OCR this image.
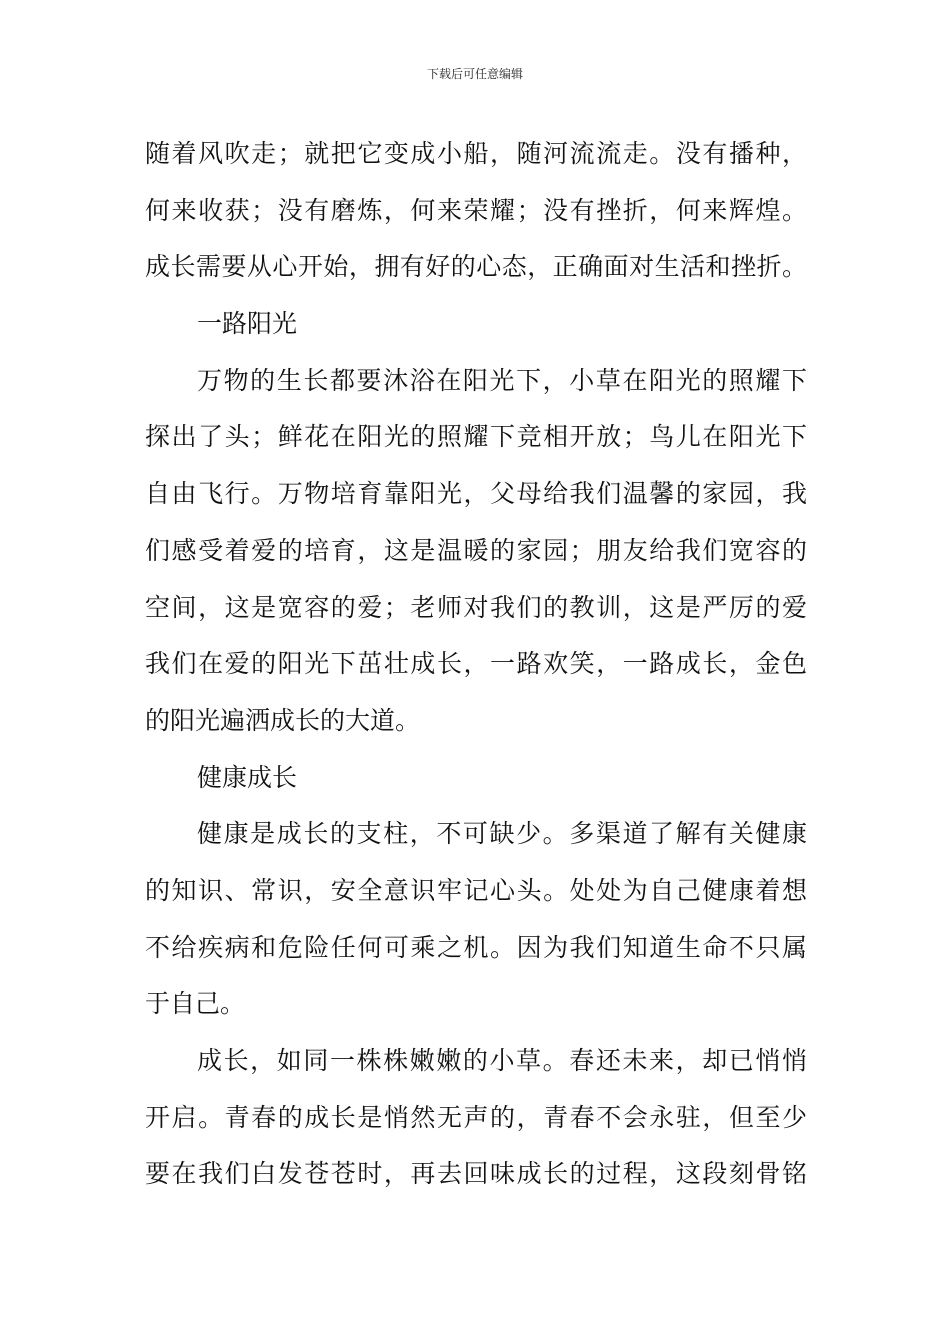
下载后可任意编辑
随着风吹走；就把它变成小船，随河流流走。没有播种，
何来收获；没有磨炼，何来荣耀；没有挫折，何来辉煌。
成长需要从心开始，拥有好的心态，正确面对生活和挫折。
一路阳光
万物的生长都要沐浴在阳光下，小草在阳光的照耀下
探出了头；鲜花在阳光的照耀下竞相开放；鸟儿在阳光下
自由飞行。万物培育靠阳光，父母给我们温馨的家园，我
们感受着爱的培育，这是温暖的家园；朋友给我们宽容的
空间，这是宽容的爱；老师对我们的教训，这是严厉的爱
我们在爱的阳光下茁壮成长，一路欢笑，一路成长，金色
的阳光遍洒成长的大道。
健康成长
健康是成长的支柱，不可缺少。多渠道了解有关健康
的知识、常识，安全意识牢记心头。处处为自己健康着想
不给疾病和危险任何可乘之机。因为我们知道生命不只属
于自己。
成长，如同一株株嫩嫩的小草。春还未来，却已悄悄
开启。青春的成长是悄然无声的，青春不会永驻，但至少
要在我们白发苍苍时，再去回味成长的过程，这段刻骨铭
